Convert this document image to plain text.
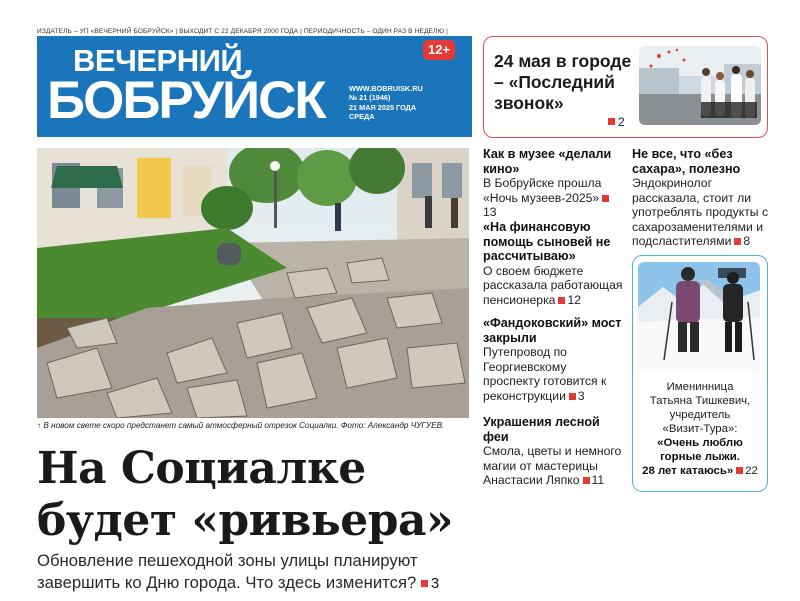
ИЗДАТЕЛЬ – УП «ВЕЧЕРНИЙ БОБРУЙСК» | ВЫХОДИТ С 22 ДЕКАБРЯ 2000 ГОДА | ПЕРИОДИЧНОСТЬ – ОДИН РАЗ В НЕДЕЛЮ |
ВЕЧЕРНИЙ
БОБРУЙСК
12+
WWW.BOBRUISK.RU
№ 21 (1946)
21 МАЯ 2025 ГОДА
СРЕДА
24 мая в городе – «Последний звонок»
2
↑ В новом свете скоро предстанет самый атмосферный отрезок Социалки. Фото: Александр ЧУГУЕВ.
На Социалке
будет «ривьера»
Обновление пешеходной зоны улицы планируют завершить ко Дню города. Что здесь изменится? 3
Как в музее «делали кино»
В Бобруйске прошла «Ночь музеев-2025»13
«На финансовую помощь сыновей не рассчитываю»
О своем бюджете рассказала работающая пенсионерка 12
«Фандоковский» мост закрыли
Путепровод по Георгиевскому проспекту готовится к реконструкции 3
Украшения лесной феи
Смола, цветы и немного магии от мастерицы Анастасии Ляпко 11
Не все, что «без сахара», полезно
Эндокринолог рассказала, стоит ли употреблять продукты с сахарозаменителями и подсластителями 8
Именинница
Татьяна Тишкевич,
учредитель
«Визит-Тура»:
«Очень люблю
горные лыжи.
28 лет катаюсь» 22
